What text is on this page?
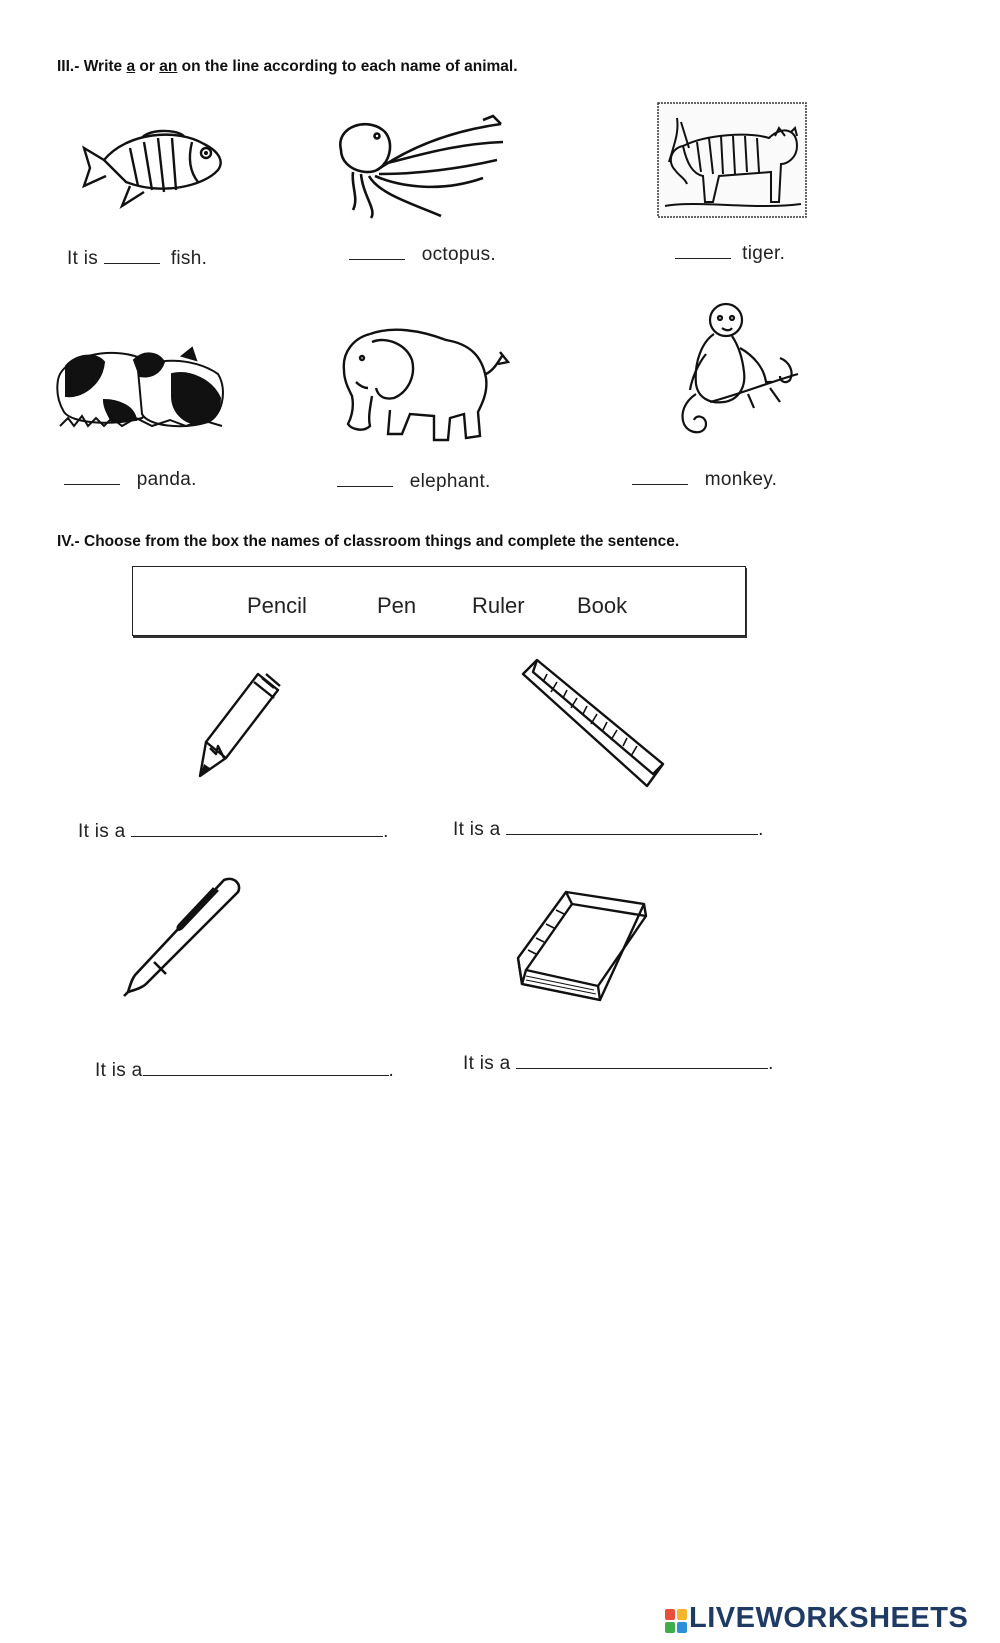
III.- Write a or an on the line according to each name of animal.
It is	fish.	octopus.	tiger.
panda.	elephant.	monkey.
IV.- Choose from the box the names of classroom things and complete the sentence.
Pencil	Pen	Ruler Book
It is a	.	It is a	.
It is a	.	It is a	.
LIVEWORKSHEETS
